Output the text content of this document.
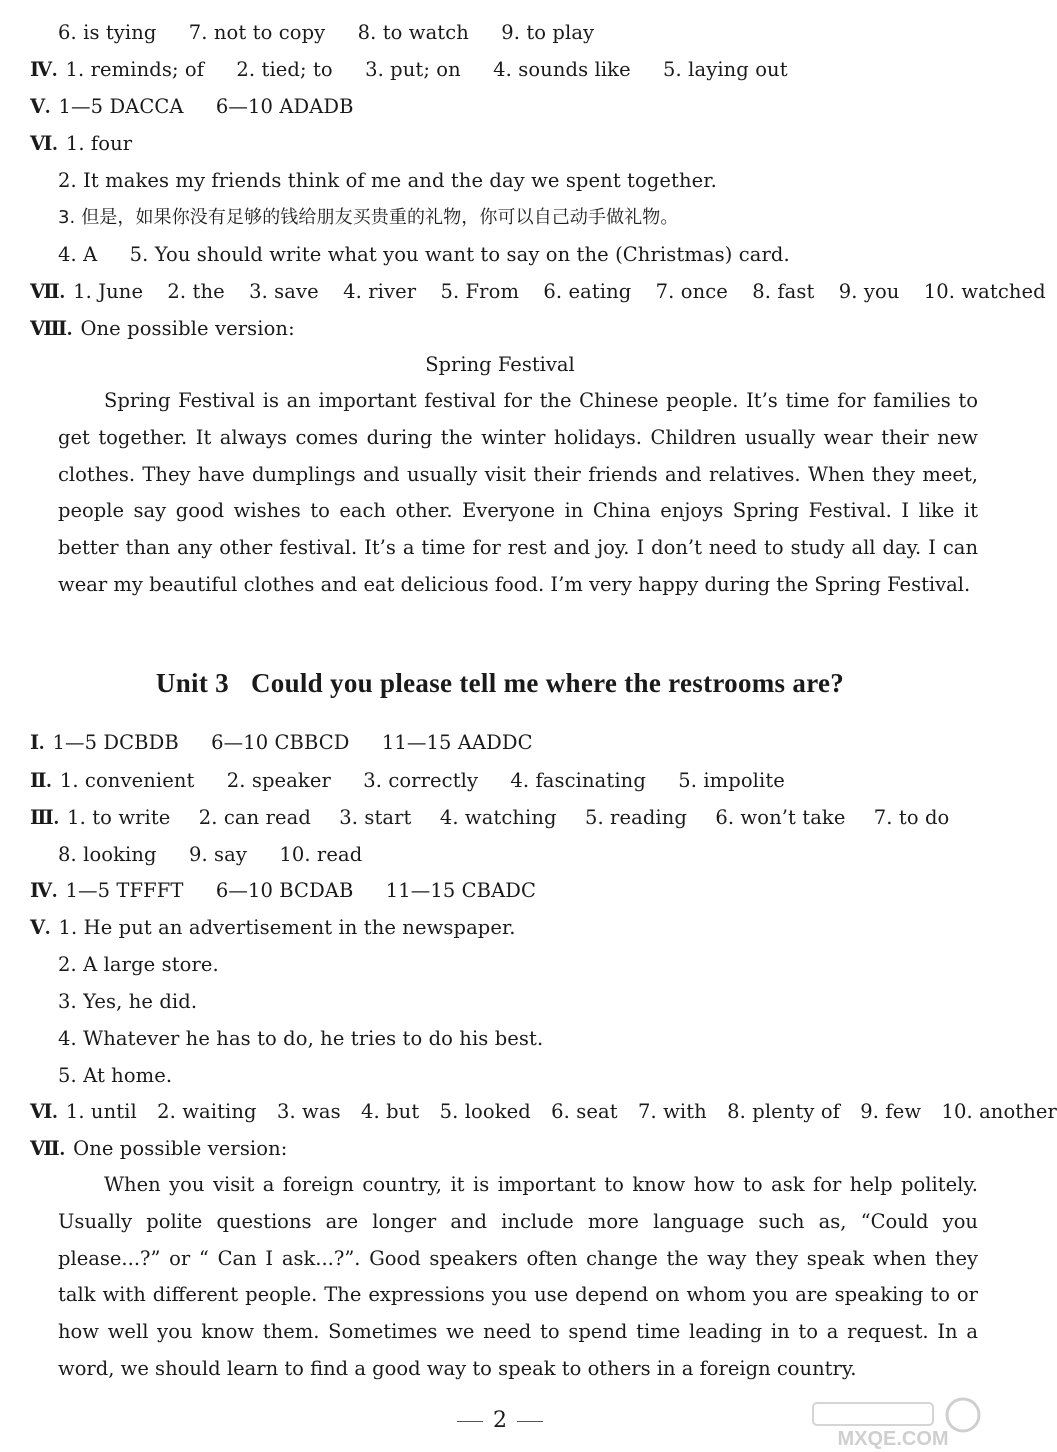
6. is tying 7. not to copy 8. to watch 9. to play
Ⅳ. 1. reminds; of 2. tied; to 3. put; on 4. sounds like 5. laying out
Ⅴ. 1—5 DACCA 6—10 ADADB
Ⅵ. 1. four
2. It makes my friends think of me and the day we spent together.
3. 但是，如果你没有足够的钱给朋友买贵重的礼物，你可以自己动手做礼物。
4. A 5. You should write what you want to say on the (Christmas) card.
Ⅶ. 1. June 2. the 3. save 4. river 5. From 6. eating 7. once 8. fast 9. you 10. watched
Ⅷ. One possible version:
Spring Festival
Spring Festival is an important festival for the Chinese people. It’s time for families to get together. It always comes during the winter holidays. Children usually wear their new clothes. They have dumplings and usually visit their friends and relatives. When they meet, people say good wishes to each other. Everyone in China enjoys Spring Festival. I like it better than any other festival. It’s a time for rest and joy. I don’t need to study all day. I can wear my beautiful clothes and eat delicious food. I’m very happy during the Spring Festival.
Unit 3 Could you please tell me where the restrooms are?
Ⅰ. 1—5 DCBDB 6—10 CBBCD 11—15 AADDC
Ⅱ. 1. convenient 2. speaker 3. correctly 4. fascinating 5. impolite
Ⅲ. 1. to write 2. can read 3. start 4. watching 5. reading 6. won’t take 7. to do
8. looking 9. say 10. read
Ⅳ. 1—5 TFFFT 6—10 BCDAB 11—15 CBADC
Ⅴ. 1. He put an advertisement in the newspaper.
2. A large store.
3. Yes, he did.
4. Whatever he has to do, he tries to do his best.
5. At home.
Ⅵ. 1. until 2. waiting 3. was 4. but 5. looked 6. seat 7. with 8. plenty of 9. few 10. another
Ⅶ. One possible version:
When you visit a foreign country, it is important to know how to ask for help politely. Usually polite questions are longer and include more language such as, “Could you please...?” or “ Can I ask...?”. Good speakers often change the way they speak when they talk with different people. The expressions you use depend on whom you are speaking to or how well you know them. Sometimes we need to spend time leading in to a request. In a word, we should learn to find a good way to speak to others in a foreign country.
2
MXQE.COM
